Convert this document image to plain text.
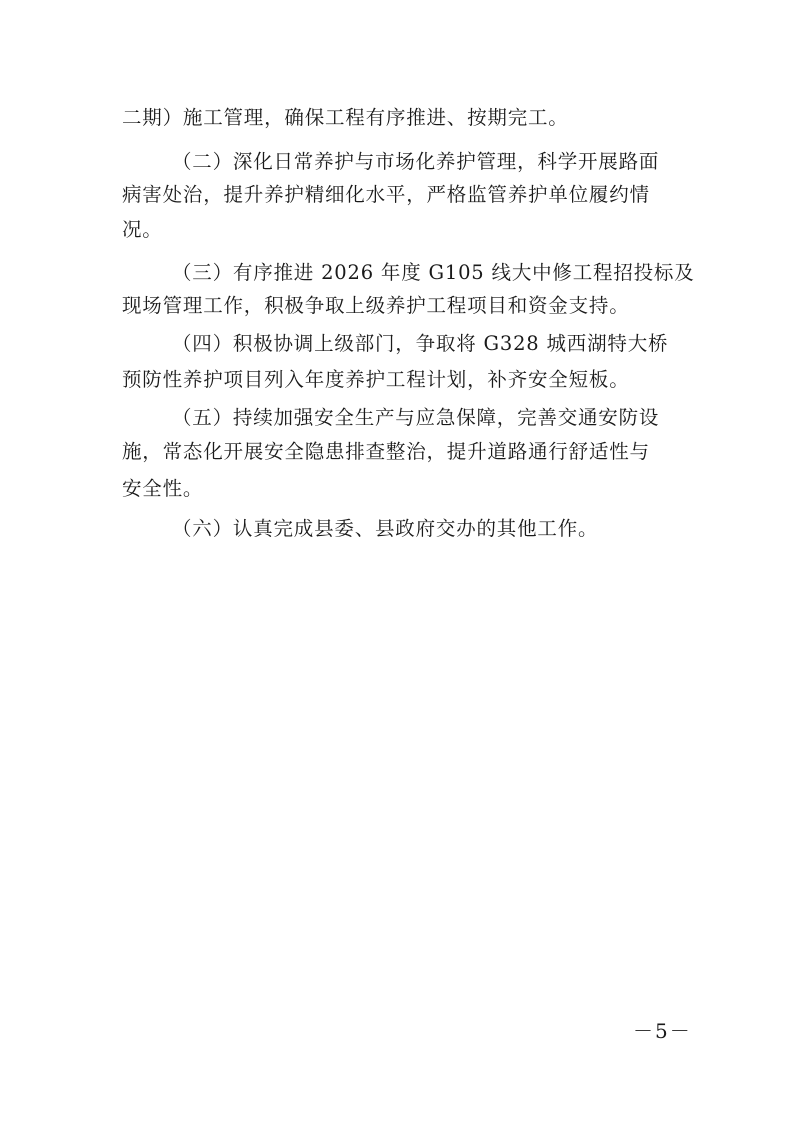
二期）施工管理，确保工程有序推进、按期完工。
（二）深化日常养护与市场化养护管理，科学开展路面
病害处治，提升养护精细化水平，严格监管养护单位履约情
况。
（三）有序推进 2026 年度 G105 线大中修工程招投标及
现场管理工作，积极争取上级养护工程项目和资金支持。
（四）积极协调上级部门，争取将 G328 城西湖特大桥
预防性养护项目列入年度养护工程计划，补齐安全短板。
（五）持续加强安全生产与应急保障，完善交通安防设
施，常态化开展安全隐患排查整治，提升道路通行舒适性与
安全性。
（六）认真完成县委、县政府交办的其他工作。
－5－
